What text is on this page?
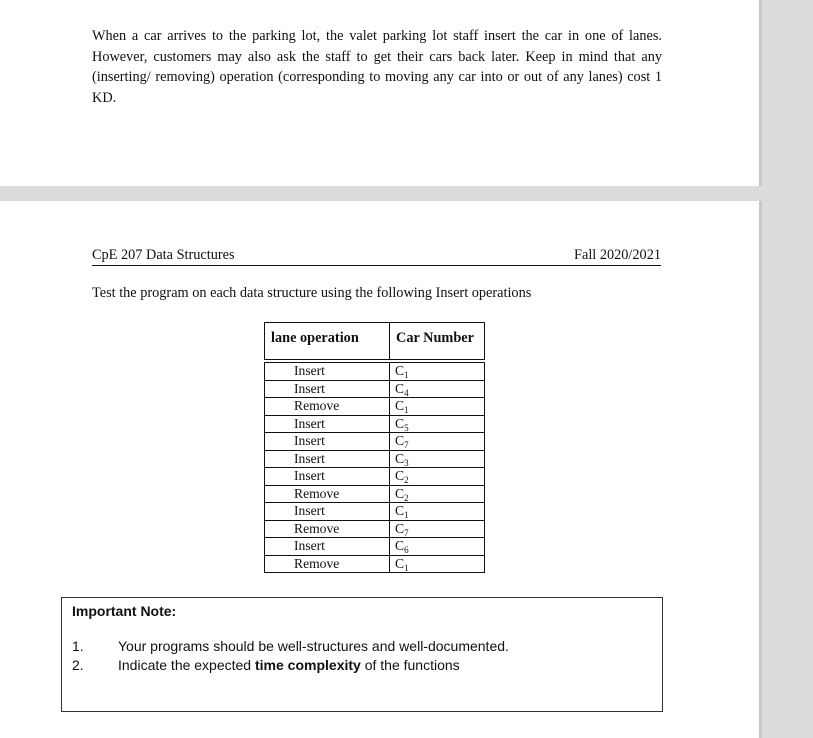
When a car arrives to the parking lot, the valet parking lot staff insert the car in one of lanes. However, customers may also ask the staff to get their cars back later. Keep in mind that any (inserting/ removing) operation (corresponding to moving any car into or out of any lanes) cost 1 KD.

CpE 207 Data Structures	Fall 2020/2021

Test the program on each data structure using the following Insert operations

lane operation	Car Number
Insert	$C_1$
Insert	$C_4$
Remove	$C_1$
Insert	$C_5$
Insert	$C_7$
Insert	$C_3$
Insert	$C_2$
Remove	$C_2$
Insert	$C_1$
Remove	$C_7$
Insert	$C_6$
Remove	$C_1$

Important Note:

1. Your programs should be well-structures and well-documented.
2. Indicate the expected time complexity of the functions
